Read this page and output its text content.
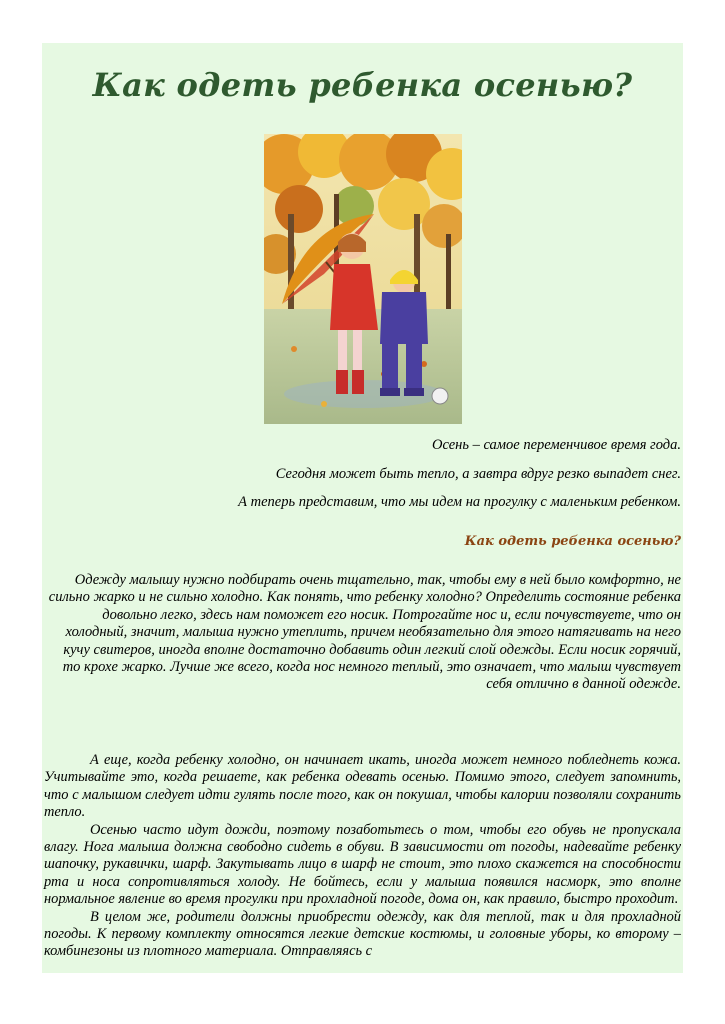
Как одеть ребенка осенью?

Осень – самое переменчивое время года.

Сегодня может быть тепло, а завтра вдруг резко выпадет снег.

А теперь представим, что мы идем на прогулку с маленьким ребенком.

Как одеть ребенка осенью?

Одежду малышу нужно подбирать очень тщательно, так, чтобы ему в ней было комфортно, не сильно жарко и не сильно холодно. Как понять, что ребенку холодно? Определить состояние ребенка довольно легко, здесь нам поможет его носик. Потрогайте нос и, если почувствуете, что он холодный, значит, малыша нужно утеплить, причем необязательно для этого натягивать на него кучу свитеров, иногда вполне достаточно добавить один легкий слой одежды. Если носик горячий, то крохе жарко. Лучше же всего, когда нос немного теплый, это означает, что малыш чувствует себя отлично в данной одежде.

А еще, когда ребенку холодно, он начинает икать, иногда может немного побледнеть кожа. Учитывайте это, когда решаете, как ребенка одевать осенью. Помимо этого, следует запомнить, что с малышом следует идти гулять после того, как он покушал, чтобы калории позволяли сохранить тепло.

Осенью часто идут дожди, поэтому позаботьтесь о том, чтобы его обувь не пропускала влагу. Нога малыша должна свободно сидеть в обуви. В зависимости от погоды, надевайте ребенку шапочку, рукавички, шарф. Закутывать лицо в шарф не стоит, это плохо скажется на способности рта и носа сопротивляться холоду. Не бойтесь, если у малыша появился насморк, это вполне нормальное явление во время прогулки при прохладной погоде, дома он, как правило, быстро проходит.

В целом же, родители должны приобрести одежду, как для теплой, так и для прохладной погоды. К первому комплекту относятся легкие детские костюмы, и головные уборы, ко второму – комбинезоны из плотного материала. Отправляясь с
